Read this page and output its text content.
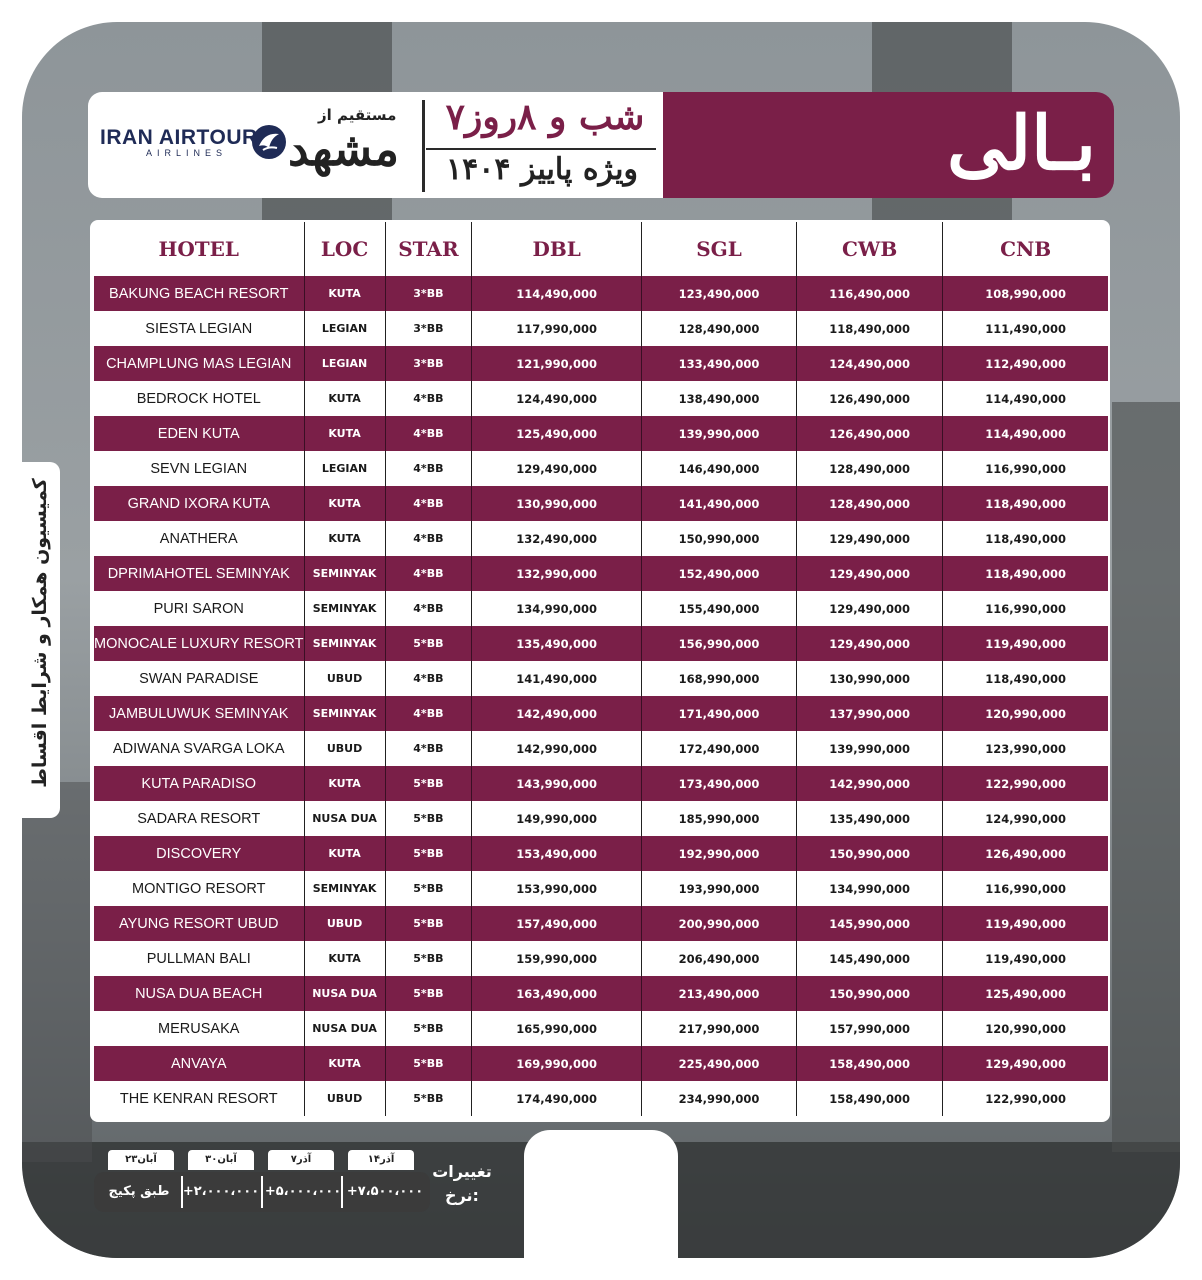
IRAN AIRTOUR
AIRLINES
مستقیم از
مشهد
۷شب و ۸روز
ویژه پاییز ۱۴۰۴	بـالی
HOTEL	LOC	STAR	DBL	SGL	CWB	CNB
BAKUNG BEACH RESORT	KUTA	3*BB	114,490,000	123,490,000	116,490,000	108,990,000
SIESTA LEGIAN	LEGIAN	3*BB	117,990,000	128,490,000	118,490,000	111,490,000
CHAMPLUNG MAS LEGIAN	LEGIAN	3*BB	121,990,000	133,490,000	124,490,000	112,490,000
BEDROCK HOTEL	KUTA	4*BB	124,490,000	138,490,000	126,490,000	114,490,000
EDEN KUTA	KUTA	4*BB	125,490,000	139,990,000	126,490,000	114,490,000
SEVN LEGIAN	LEGIAN	4*BB	129,490,000	146,490,000	128,490,000	116,990,000
GRAND IXORA KUTA	KUTA	4*BB	130,990,000	141,490,000	128,490,000	118,490,000
ANATHERA	KUTA	4*BB	132,490,000	150,990,000	129,490,000	118,490,000
DPRIMAHOTEL SEMINYAK	SEMINYAK	4*BB	132,990,000	152,490,000	129,490,000	118,490,000
PURI SARON	SEMINYAK	4*BB	134,990,000	155,490,000	129,490,000	116,990,000
MONOCALE LUXURY RESORT	SEMINYAK	5*BB	135,490,000	156,990,000	129,490,000	119,490,000
SWAN PARADISE	UBUD	4*BB	141,490,000	168,990,000	130,990,000	118,490,000
JAMBULUWUK SEMINYAK	SEMINYAK	4*BB	142,490,000	171,490,000	137,990,000	120,990,000
ADIWANA SVARGA LOKA	UBUD	4*BB	142,990,000	172,490,000	139,990,000	123,990,000
KUTA PARADISO	KUTA	5*BB	143,990,000	173,490,000	142,990,000	122,990,000
SADARA RESORT	NUSA DUA	5*BB	149,990,000	185,990,000	135,490,000	124,990,000
DISCOVERY	KUTA	5*BB	153,490,000	192,990,000	150,990,000	126,490,000
MONTIGO RESORT	SEMINYAK	5*BB	153,990,000	193,990,000	134,990,000	116,990,000
AYUNG RESORT UBUD	UBUD	5*BB	157,490,000	200,990,000	145,990,000	119,490,000
PULLMAN BALI	KUTA	5*BB	159,990,000	206,490,000	145,490,000	119,490,000
NUSA DUA BEACH	NUSA DUA	5*BB	163,490,000	213,490,000	150,990,000	125,490,000
MERUSAKA	NUSA DUA	5*BB	165,990,000	217,990,000	157,990,000	120,990,000
ANVAYA	KUTA	5*BB	169,990,000	225,490,000	158,490,000	129,490,000
THE KENRAN RESORT	UBUD	5*BB	174,490,000	234,990,000	158,490,000	122,990,000
کمیسیون همکار و شرایط اقساط
تغییرات نرخ:
۲۳آبان	۳۰آبان	۷آذر	۱۴آذر
طبق پکیج	+۲،۰۰۰،۰۰۰ +۵،۰۰۰،۰۰۰ +۷،۵۰۰،۰۰۰
